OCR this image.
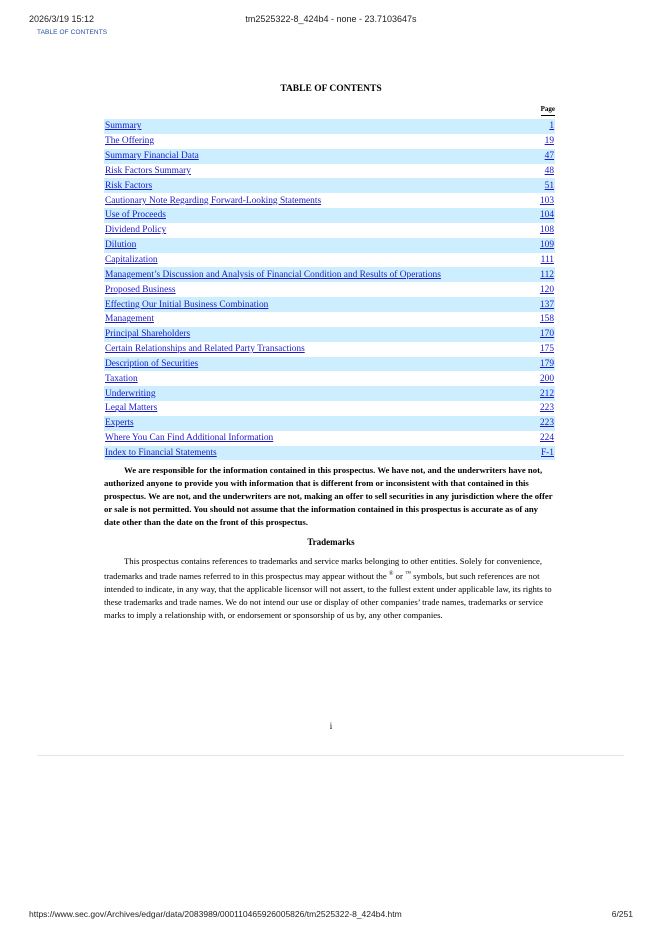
2026/3/19 15:12	tm2525322-8_424b4 - none - 23.7103647s
TABLE OF CONTENTS
TABLE OF CONTENTS
Page
Summary	1
The Offering	19
Summary Financial Data	47
Risk Factors Summary	48
Risk Factors	51
Cautionary Note Regarding Forward-Looking Statements	103
Use of Proceeds	104
Dividend Policy	108
Dilution	109
Capitalization	111
Management’s Discussion and Analysis of Financial Condition and Results of Operations	112
Proposed Business	120
Effecting Our Initial Business Combination	137
Management	158
Principal Shareholders	170
Certain Relationships and Related Party Transactions	175
Description of Securities	179
Taxation	200
Underwriting	212
Legal Matters	223
Experts	223
Where You Can Find Additional Information	224
Index to Financial Statements	F-1
We are responsible for the information contained in this prospectus. We have not, and the underwriters have not, authorized anyone to provide you with information that is different from or inconsistent with that contained in this prospectus. We are not, and the underwriters are not, making an offer to sell securities in any jurisdiction where the offer or sale is not permitted. You should not assume that the information contained in this prospectus is accurate as of any date other than the date on the front of this prospectus.
Trademarks
This prospectus contains references to trademarks and service marks belonging to other entities. Solely for convenience, trademarks and trade names referred to in this prospectus may appear without the ® or ™ symbols, but such references are not intended to indicate, in any way, that the applicable licensor will not assert, to the fullest extent under applicable law, its rights to these trademarks and trade names. We do not intend our use or display of other companies’ trade names, trademarks or service marks to imply a relationship with, or endorsement or sponsorship of us by, any other companies.
i
https://www.sec.gov/Archives/edgar/data/2083989/000110465926005826/tm2525322-8_424b4.htm	6/251
